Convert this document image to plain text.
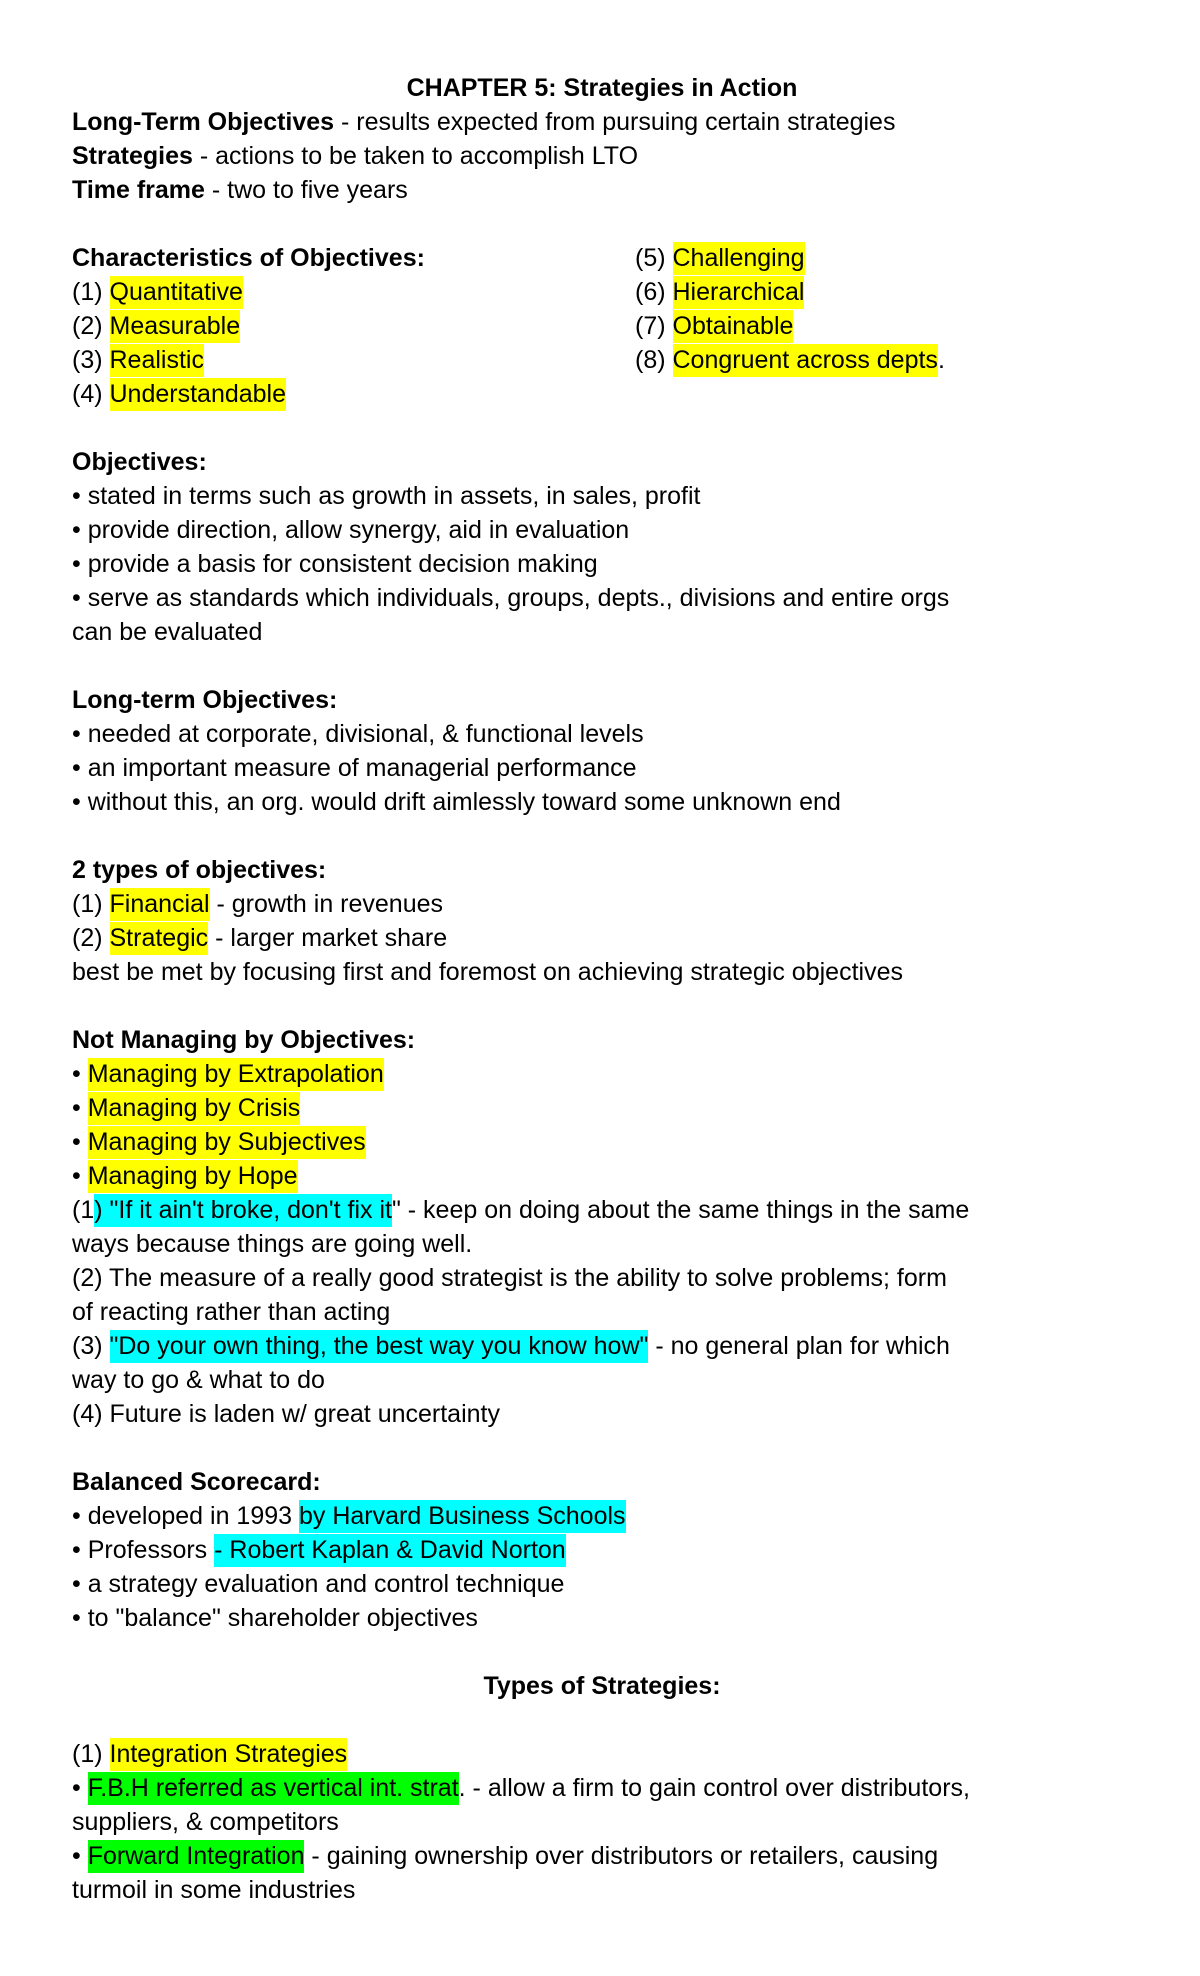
CHAPTER 5: Strategies in Action
Long-Term Objectives - results expected from pursuing certain strategies
Strategies - actions to be taken to accomplish LTO
Time frame - two to five years
Characteristics of Objectives:	(5) Challenging
(1) Quantitative	(6) Hierarchical
(2) Measurable	(7) Obtainable
(3) Realistic	(8) Congruent across depts.
(4) Understandable
Objectives:
• stated in terms such as growth in assets, in sales, profit
• provide direction, allow synergy, aid in evaluation
• provide a basis for consistent decision making
• serve as standards which individuals, groups, depts., divisions and entire orgs
can be evaluated
Long-term Objectives:
• needed at corporate, divisional, & functional levels
• an important measure of managerial performance
• without this, an org. would drift aimlessly toward some unknown end
2 types of objectives:
(1) Financial - growth in revenues
(2) Strategic - larger market share
best be met by focusing first and foremost on achieving strategic objectives
Not Managing by Objectives:
• Managing by Extrapolation
• Managing by Crisis
• Managing by Subjectives
• Managing by Hope
(1) "If it ain't broke, don't fix it" - keep on doing about the same things in the same
ways because things are going well.
(2) The measure of a really good strategist is the ability to solve problems; form
of reacting rather than acting
(3) "Do your own thing, the best way you know how" - no general plan for which
way to go & what to do
(4) Future is laden w/ great uncertainty
Balanced Scorecard:
• developed in 1993 by Harvard Business Schools
• Professors - Robert Kaplan & David Norton
• a strategy evaluation and control technique
• to "balance" shareholder objectives
Types of Strategies:
(1) Integration Strategies
• F.B.H referred as vertical int. strat. - allow a firm to gain control over distributors,
suppliers, & competitors
• Forward Integration - gaining ownership over distributors or retailers, causing
turmoil in some industries
